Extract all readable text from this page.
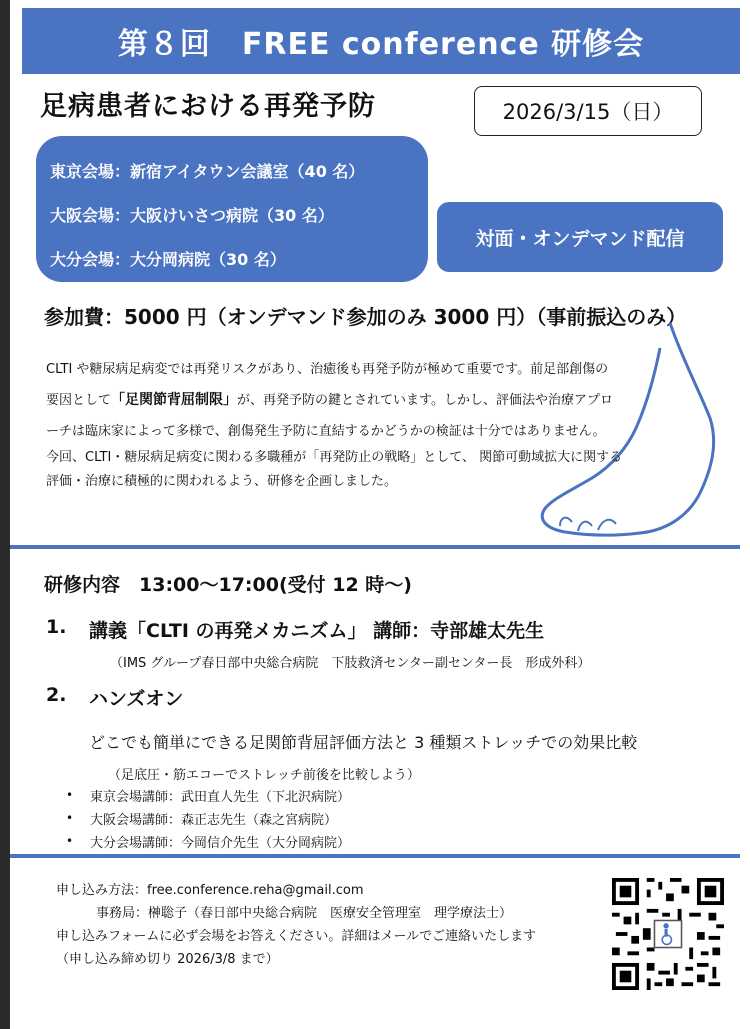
第８回　FREE conference 研修会
足病患者における再発予防	2026/3/15（日）
東京会場：新宿アイタウン会議室（40 名）
大阪会場：大阪けいさつ病院（30 名）
大分会場：大分岡病院（30 名）
対面・オンデマンド配信
参加費：5000 円（オンデマンド参加のみ 3000 円）（事前振込のみ）
CLTI や糖尿病足病変では再発リスクがあり、治癒後も再発予防が極めて重要です。前足部創傷の
要因として「足関節背屈制限」が、再発予防の鍵とされています。しかし、評価法や治療アプロ
ーチは臨床家によって多様で、創傷発生予防に直結するかどうかの検証は十分ではありません。
今回、CLTI・糖尿病足病変に関わる多職種が「再発防止の戦略」として、 関節可動域拡大に関する
評価・治療に積極的に関われるよう、研修を企画しました。
研修内容　13:00～17:00(受付 12 時～)
1. 講義「CLTI の再発メカニズム」 講師：寺部雄太先生
（IMS グループ春日部中央総合病院　下肢救済センター副センター長　形成外科）
2. ハンズオン
どこでも簡単にできる足関節背屈評価方法と 3 種類ストレッチでの効果比較
（足底圧・筋エコーでストレッチ前後を比較しよう）
• 東京会場講師：武田直人先生（下北沢病院）
• 大阪会場講師：森正志先生（森之宮病院）
• 大分会場講師：今岡信介先生（大分岡病院）
申し込み方法：free.conference.reha@gmail.com
事務局：榊聡子（春日部中央総合病院　医療安全管理室　理学療法士）
申し込みフォームに必ず会場をお答えください。詳細はメールでご連絡いたします
（申し込み締め切り 2026/3/8 まで）
